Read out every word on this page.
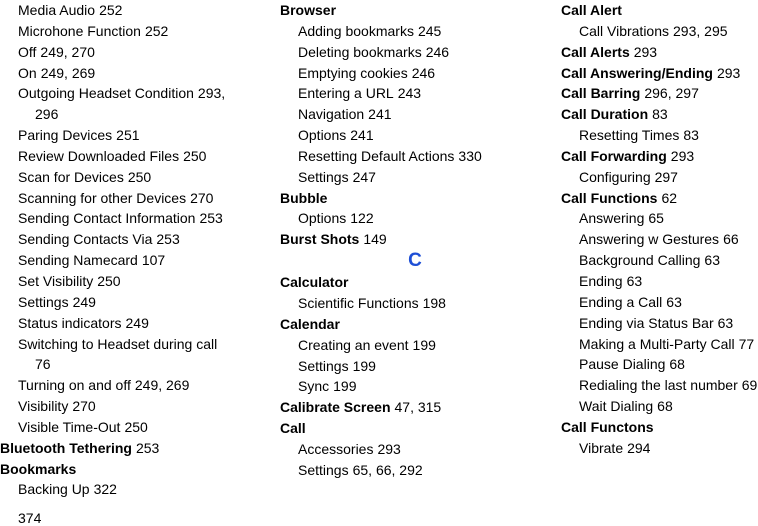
Media Audio 252
Microhone Function 252
Off 249, 270
On 249, 269
Outgoing Headset Condition 293,
296
Paring Devices 251
Review Downloaded Files 250
Scan for Devices 250
Scanning for other Devices 270
Sending Contact Information 253
Sending Contacts Via 253
Sending Namecard 107
Set Visibility 250
Settings 249
Status indicators 249
Switching to Headset during call
76
Turning on and off 249, 269
Visibility 270
Visible Time-Out 250
Bluetooth Tethering 253
Bookmarks
Backing Up 322
Browser
Adding bookmarks 245
Deleting bookmarks 246
Emptying cookies 246
Entering a URL 243
Navigation 241
Options 241
Resetting Default Actions 330
Settings 247
Bubble
Options 122
Burst Shots 149
C
Calculator
Scientific Functions 198
Calendar
Creating an event 199
Settings 199
Sync 199
Calibrate Screen 47, 315
Call
Accessories 293
Settings 65, 66, 292
Call Alert
Call Vibrations 293, 295
Call Alerts 293
Call Answering/Ending 293
Call Barring 296, 297
Call Duration 83
Resetting Times 83
Call Forwarding 293
Configuring 297
Call Functions 62
Answering 65
Answering w Gestures 66
Background Calling 63
Ending 63
Ending a Call 63
Ending via Status Bar 63
Making a Multi-Party Call 77
Pause Dialing 68
Redialing the last number 69
Wait Dialing 68
Call Functons
Vibrate 294
374
